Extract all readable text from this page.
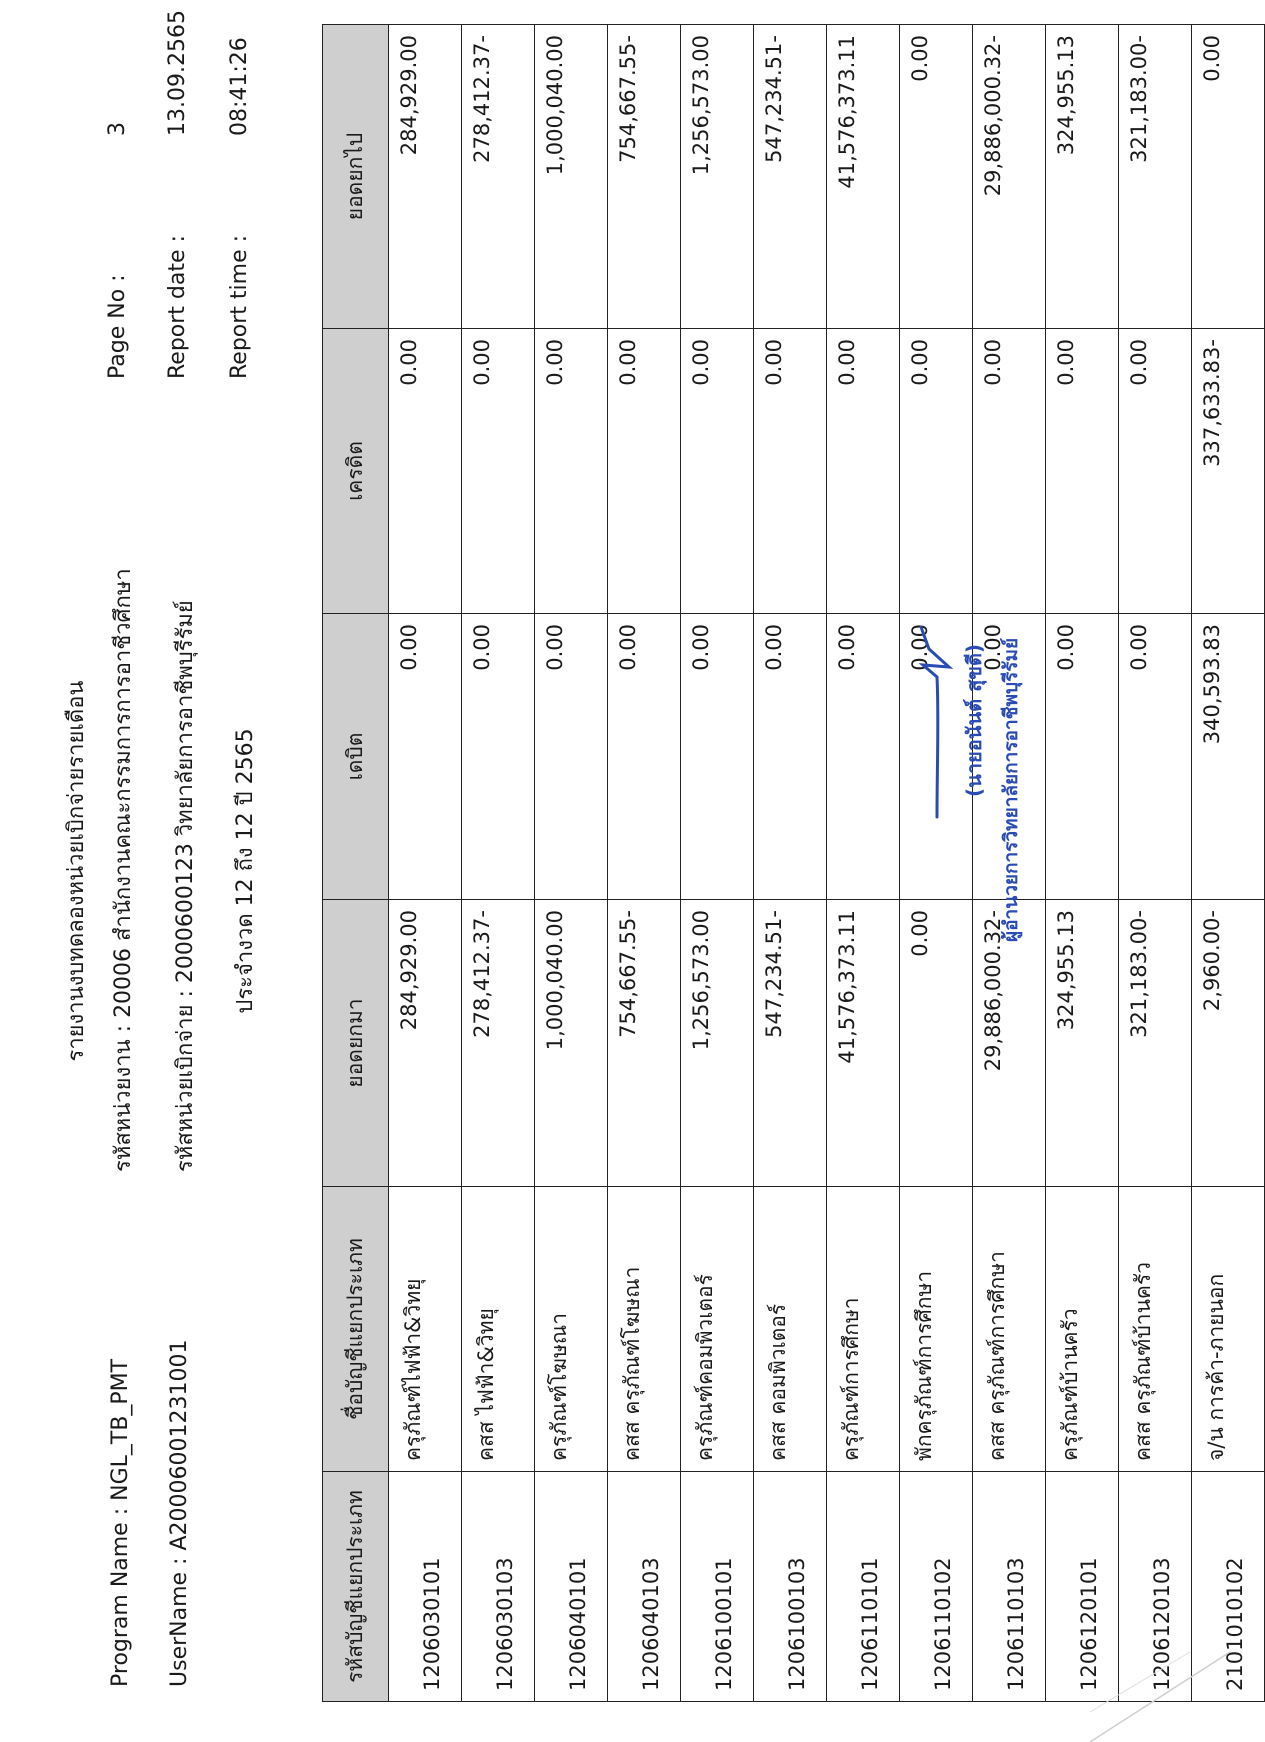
รายงานงบทดลองหน่วยเบิกจ่ายรายเดือน
Program Name : NGL_TB_PMT
รหัสหน่วยงาน : 20006 สำนักงานคณะกรรมการการอาชีวศึกษา
UserName : A20006001231001
รหัสหน่วยเบิกจ่าย : 2000600123 วิทยาลัยการอาชีพบุรีรัมย์ ประจำงวด 12 ถึง 12 ปี 2565
Page No :
3
Report date :
13.09.2565
Report time :
08:41:26
รหัสบัญชีแยกประเภท	ชื่อบัญชีแยกประเภท	ยอดยกมา	เดบิต	เครดิต	ยอดยกไป
1206030101	ครุภัณฑ์ไฟฟ้า&วิทยุ	284,929.00	0.00	0.00	284,929.00
1206030103	คสส ไฟฟ้า&วิทยุ	278,412.37-	0.00	0.00	278,412.37-
1206040101	ครุภัณฑ์โฆษณา	1,000,040.00	0.00	0.00	1,000,040.00
1206040103	คสส ครุภัณฑ์โฆษณา	754,667.55-	0.00	0.00	754,667.55-
1206100101	ครุภัณฑ์คอมพิวเตอร์	1,256,573.00	0.00	0.00	1,256,573.00
1206100103	คสส คอมพิวเตอร์	547,234.51-	0.00	0.00	547,234.51-
1206110101	ครุภัณฑ์การศึกษา	41,576,373.11	0.00	0.00	41,576,373.11
1206110102	พักครุภัณฑ์การศึกษา	0.00	0.00	0.00	0.00
1206110103	คสส ครุภัณฑ์การศึกษา	29,886,000.32-	0.00	0.00	29,886,000.32-
1206120101	ครุภัณฑ์บ้านครัว	324,955.13	0.00	0.00	324,955.13
1206120103	คสส ครุภัณฑ์บ้านครัว	321,183.00-	0.00	0.00	321,183.00-
2101010102	จ/น การค้า-ภายนอก	2,960.00-	340,593.83	337,633.83-	0.00
(นายอนันต์ สุขดี) ผู้อำนวยการวิทยาลัยการอาชีพบุรีรัมย์
